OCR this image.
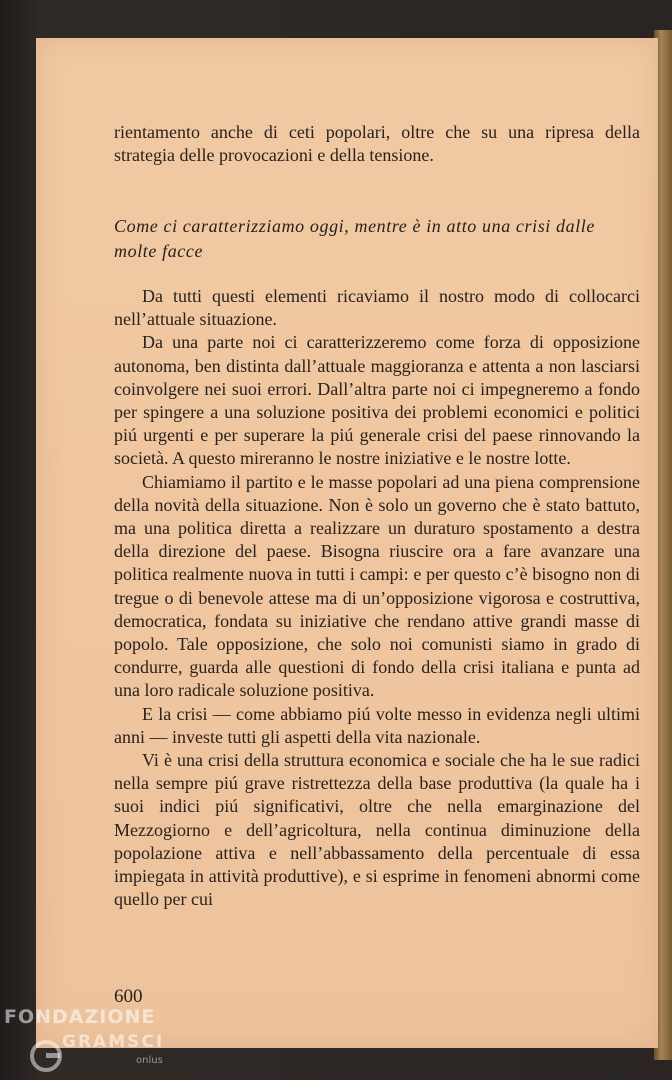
rientamento anche di ceti popolari, oltre che su una ripresa della strategia delle provocazioni e della tensione.

Come ci caratterizziamo oggi, mentre è in atto una crisi dalle molte facce

Da tutti questi elementi ricaviamo il nostro modo di collocarci nell’attuale situazione.

Da una parte noi ci caratterizzeremo come forza di opposizione autonoma, ben distinta dall’attuale maggioranza e attenta a non lasciarsi coinvolgere nei suoi errori. Dall’altra parte noi ci impegneremo a fondo per spingere a una soluzione positiva dei problemi economici e politici piú urgenti e per superare la piú generale crisi del paese rinnovando la società. A questo mireranno le nostre iniziative e le nostre lotte.

Chiamiamo il partito e le masse popolari ad una piena comprensione della novità della situazione. Non è solo un governo che è stato battuto, ma una politica diretta a realizzare un duraturo spostamento a destra della direzione del paese. Bisogna riuscire ora a fare avanzare una politica realmente nuova in tutti i campi: e per questo c’è bisogno non di tregue o di benevole attese ma di un’opposizione vigorosa e costruttiva, democratica, fondata su iniziative che rendano attive grandi masse di popolo. Tale opposizione, che solo noi comunisti siamo in grado di condurre, guarda alle questioni di fondo della crisi italiana e punta ad una loro radicale soluzione positiva.

E la crisi — come abbiamo piú volte messo in evidenza negli ultimi anni — investe tutti gli aspetti della vita nazionale.

Vi è una crisi della struttura economica e sociale che ha le sue radici nella sempre piú grave ristrettezza della base produttiva (la quale ha i suoi indici piú significativi, oltre che nella emarginazione del Mezzogiorno e dell’agricoltura, nella continua diminuzione della popolazione attiva e nell’abbassamento della percentuale di essa impiegata in attività produttive), e si esprime in fenomeni abnormi come quello per cui

600
FONDAZIONE
GRAMSCI
onlus
